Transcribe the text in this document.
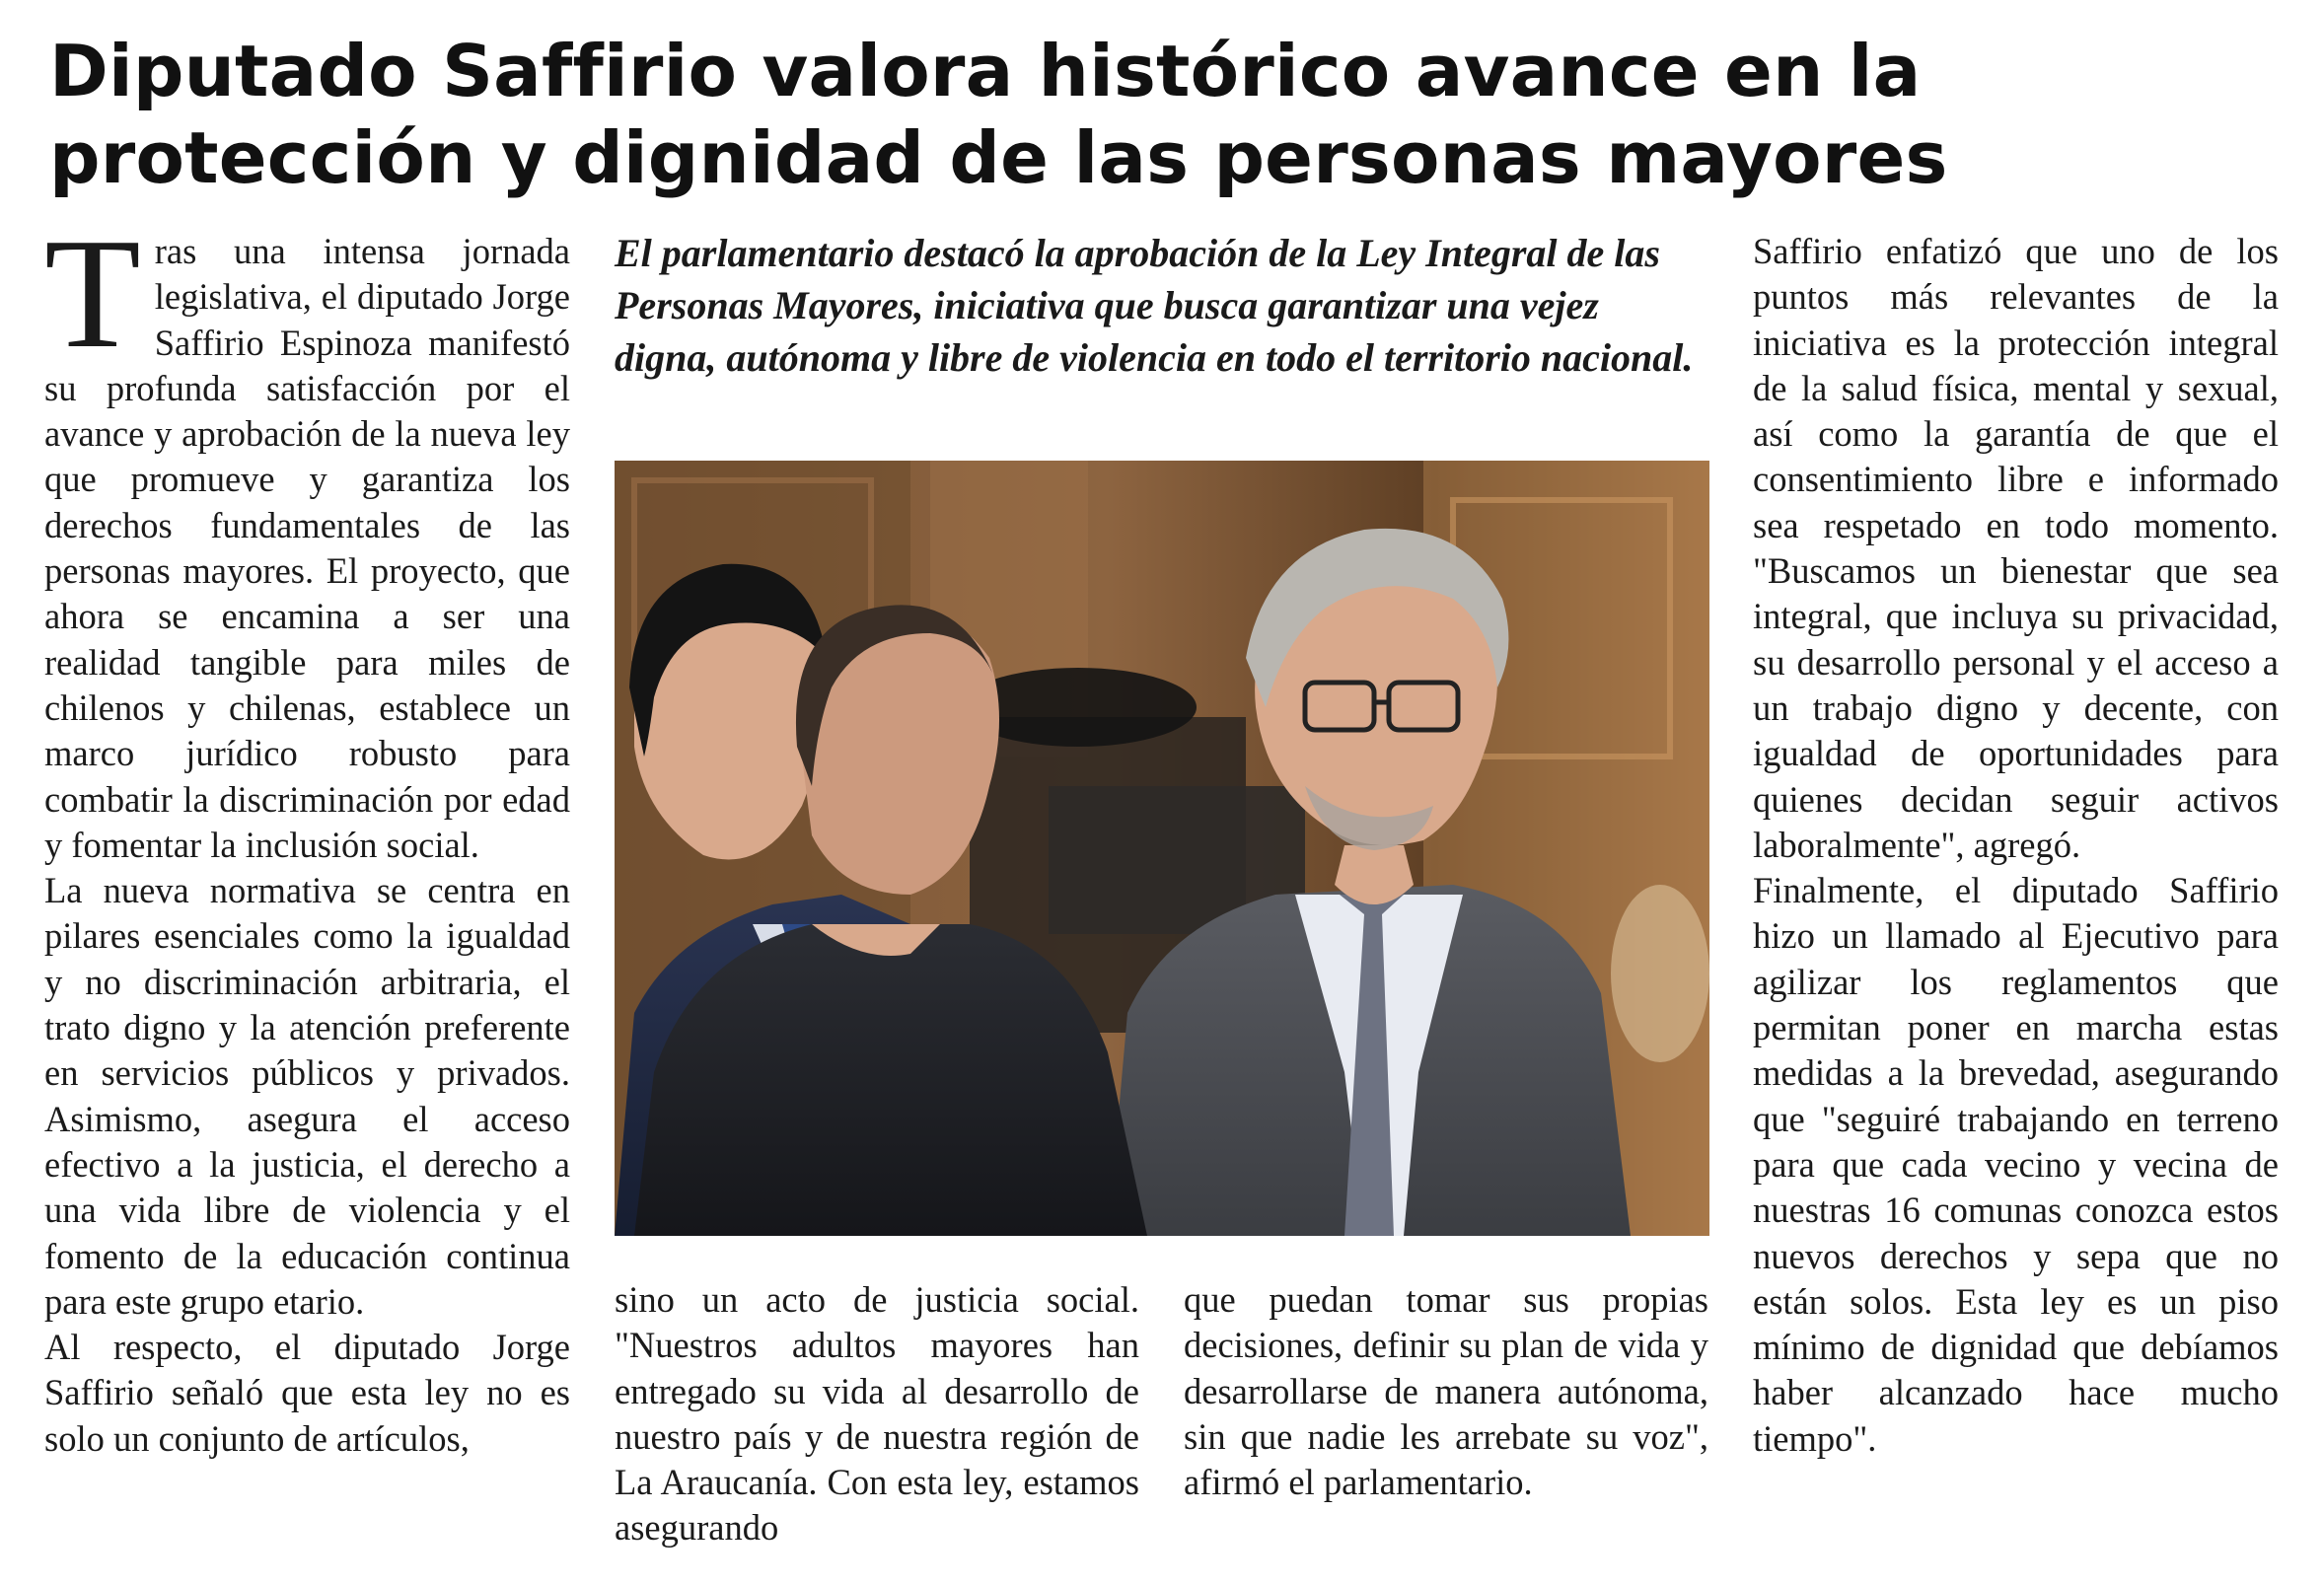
Diputado Saffirio valora histórico avance en la protección y dignidad de las personas mayores

Tras una intensa jornada legislativa, el diputado Jorge Saffirio Espinoza manifestó su profunda satisfacción por el avance y aprobación de la nueva ley que promueve y garantiza los derechos fundamentales de las personas mayores. El proyecto, que ahora se encamina a ser una realidad tangible para miles de chilenos y chilenas, establece un marco jurídico robusto para combatir la discriminación por edad y fomentar la inclusión social.

La nueva normativa se centra en pilares esenciales como la igualdad y no discriminación arbitraria, el trato digno y la atención preferente en servicios públicos y privados. Asimismo, asegura el acceso efectivo a la justicia, el derecho a una vida libre de violencia y el fomento de la educación continua para este grupo etario.

Al respecto, el diputado Jorge Saffirio señaló que esta ley no es solo un conjunto de artículos,

El parlamentario destacó la aprobación de la Ley Integral de las Personas Mayores, iniciativa que busca garantizar una vejez digna, autónoma y libre de violencia en todo el territorio nacional.

sino un acto de justicia social. "Nuestros adultos mayores han entregado su vida al desarrollo de nuestro país y de nuestra región de La Araucanía. Con esta ley, estamos asegurando

que puedan tomar sus propias decisiones, definir su plan de vida y desarrollarse de manera autónoma, sin que nadie les arrebate su voz", afirmó el parlamentario.

Saffirio enfatizó que uno de los puntos más relevantes de la iniciativa es la protección integral de la salud física, mental y sexual, así como la garantía de que el consentimiento libre e informado sea respetado en todo momento. "Buscamos un bienestar que sea integral, que incluya su privacidad, su desarrollo personal y el acceso a un trabajo digno y decente, con igualdad de oportunidades para quienes decidan seguir activos laboralmente", agregó.

Finalmente, el diputado Saffirio hizo un llamado al Ejecutivo para agilizar los reglamentos que permitan poner en marcha estas medidas a la brevedad, asegurando que "seguiré trabajando en terreno para que cada vecino y vecina de nuestras 16 comunas conozca estos nuevos derechos y sepa que no están solos. Esta ley es un piso mínimo de dignidad que debíamos haber alcanzado hace mucho tiempo".
